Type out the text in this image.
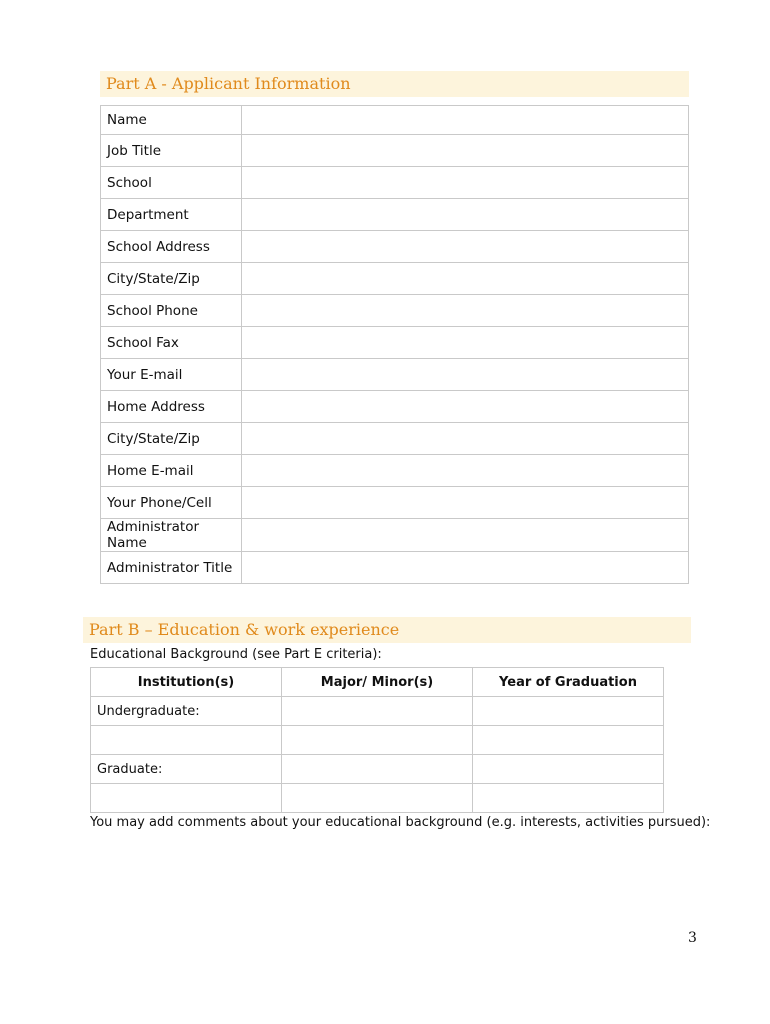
Part A - Applicant Information
Name	
Job Title	
School	
Department	
School Address	
City/State/Zip	
School Phone	
School Fax	
Your E-mail	
Home Address	
City/State/Zip	
Home E-mail	
Your Phone/Cell	
Administrator Name	
Administrator Title	
Part B – Education & work experience
Educational Background (see Part E criteria):
Institution(s)	Major/ Minor(s)	Year of Graduation
Undergraduate:		

Graduate:		

You may add comments about your educational background (e.g. interests, activities pursued):
3
